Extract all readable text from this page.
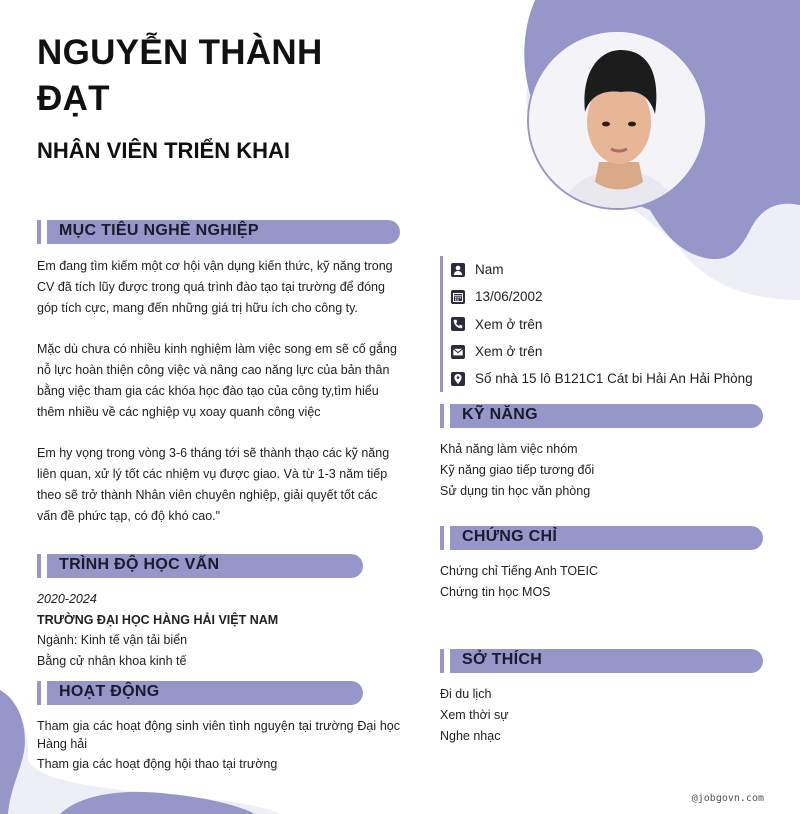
NGUYỄN THÀNH ĐẠT
NHÂN VIÊN TRIỂN KHAI
MỤC TIÊU NGHỀ NGHIỆP
Em đang tìm kiếm một cơ hội vận dụng kiến thức, kỹ năng trong CV đã tích lũy được trong quá trình đào tạo tại trường để đóng góp tích cực, mang đến những giá trị hữu ích cho công ty.
Mặc dù chưa có nhiều kinh nghiệm làm việc song em sẽ cố gắng nỗ lực hoàn thiện công việc và nâng cao năng lực của bản thân bằng việc tham gia các khóa học đào tạo của công ty,tìm hiểu thêm nhiều về các nghiệp vụ xoay quanh công việc
Em hy vọng trong vòng 3-6 tháng tới sẽ thành thạo các kỹ năng liên quan, xử lý tốt các nhiệm vụ được giao. Và từ 1-3 năm tiếp theo sẽ trở thành Nhân viên chuyên nghiệp, giải quyết tốt các vấn đề phức tạp, có độ khó cao."
TRÌNH ĐỘ HỌC VẤN
2020-2024
TRƯỜNG ĐẠI HỌC HÀNG HẢI VIỆT NAM
Ngành: Kinh tế vận tải biển
Bằng cử nhân khoa kinh tế
HOẠT ĐỘNG
Tham gia các hoạt động sinh viên tình nguyện tại trường Đại học Hàng hải
Tham gia các hoạt động hội thao tại trường
Nam
13/06/2002
Xem ở trên
Xem ở trên
Số nhà 15 lô B121C1 Cát bi Hải An Hải Phòng
KỸ NĂNG
Khả năng làm việc nhóm
Kỹ năng giao tiếp tương đối
Sử dụng tin học văn phòng
CHỨNG CHỈ
Chứng chỉ Tiếng Anh TOEIC
Chứng tin học MOS
SỞ THÍCH
Đi du lịch
Xem thời sự
Nghe nhạc
@jobgovn.com
